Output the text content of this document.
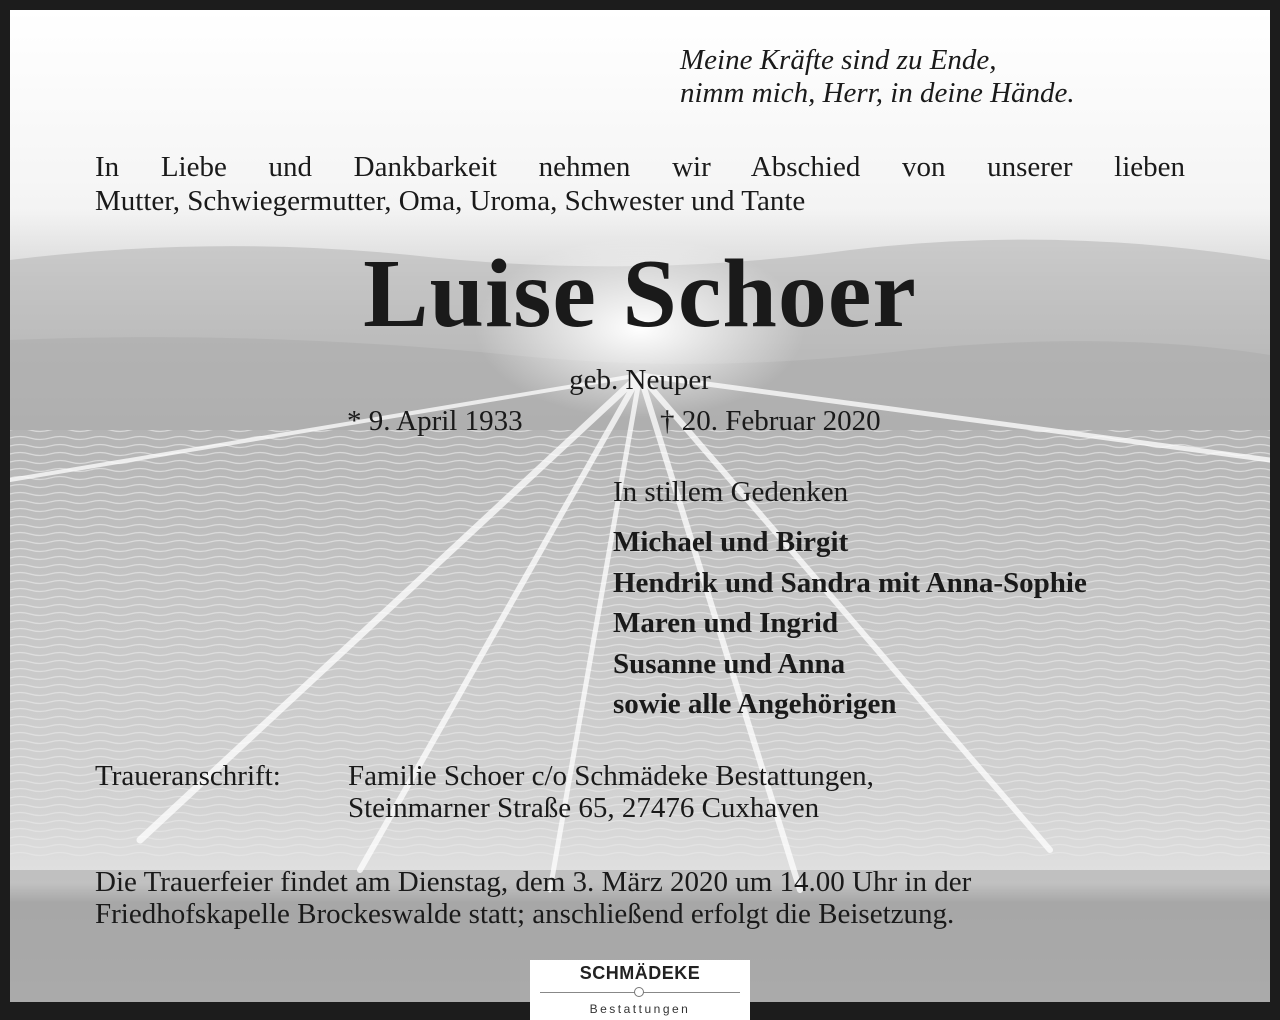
Meine Kräfte sind zu Ende,
nimm mich, Herr, in deine Hände.
In Liebe und Dankbarkeit nehmen wir Abschied von unserer lieben
Mutter, Schwiegermutter, Oma, Uroma, Schwester und Tante
Luise Schoer
geb. Neuper
* 9. April 1933	† 20. Februar 2020
In stillem Gedenken
Michael und Birgit
Hendrik und Sandra mit Anna-Sophie
Maren und Ingrid
Susanne und Anna
sowie alle Angehörigen
Traueranschrift: Familie Schoer c/o Schmädeke Bestattungen,
Steinmarner Straße 65, 27476 Cuxhaven
Die Trauerfeier findet am Dienstag, dem 3. März 2020 um 14.00 Uhr in der
Friedhofskapelle Brockeswalde statt; anschließend erfolgt die Beisetzung.
SCHMÄDEKE
Bestattungen
